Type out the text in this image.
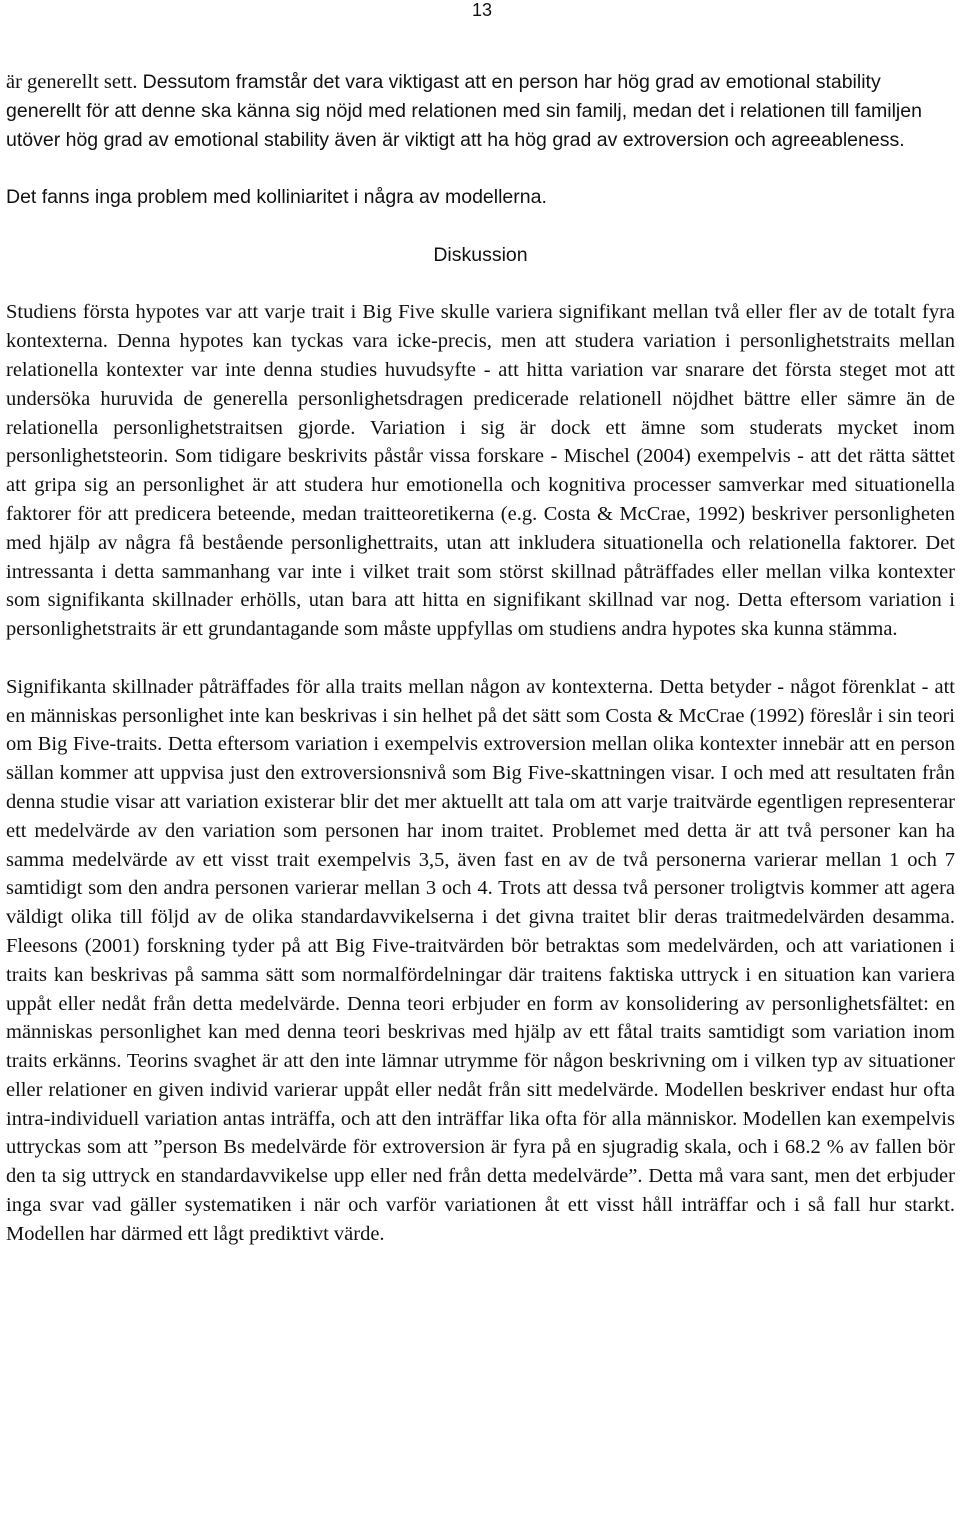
13

är generellt sett. Dessutom framstår det vara viktigast att en person har hög grad av emotional stability generellt för att denne ska känna sig nöjd med relationen med sin familj, medan det i relationen till familjen utöver hög grad av emotional stability även är viktigt att ha hög grad av extroversion och agreeableness.

Det fanns inga problem med kolliniaritet i några av modellerna.

Diskussion

Studiens första hypotes var att varje trait i Big Five skulle variera signifikant mellan två eller fler av de totalt fyra kontexterna. Denna hypotes kan tyckas vara icke-precis, men att studera variation i personlighetstraits mellan relationella kontexter var inte denna studies huvudsyfte - att hitta variation var snarare det första steget mot att undersöka huruvida de generella personlighetsdragen predicerade relationell nöjdhet bättre eller sämre än de relationella personlighetstraitsen gjorde. Variation i sig är dock ett ämne som studerats mycket inom personlighetsteorin. Som tidigare beskrivits påstår vissa forskare - Mischel (2004) exempelvis - att det rätta sättet att gripa sig an personlighet är att studera hur emotionella och kognitiva processer samverkar med situationella faktorer för att predicera beteende, medan traitteoretikerna (e.g. Costa & McCrae, 1992) beskriver personligheten med hjälp av några få bestående personlighettraits, utan att inkludera situationella och relationella faktorer. Det intressanta i detta sammanhang var inte i vilket trait som störst skillnad påträffades eller mellan vilka kontexter som signifikanta skillnader erhölls, utan bara att hitta en signifikant skillnad var nog. Detta eftersom variation i personlighetstraits är ett grundantagande som måste uppfyllas om studiens andra hypotes ska kunna stämma.

Signifikanta skillnader påträffades för alla traits mellan någon av kontexterna. Detta betyder - något förenklat - att en människas personlighet inte kan beskrivas i sin helhet på det sätt som Costa & McCrae (1992) föreslår i sin teori om Big Five-traits. Detta eftersom variation i exempelvis extroversion mellan olika kontexter innebär att en person sällan kommer att uppvisa just den extroversionsnivå som Big Five-skattningen visar. I och med att resultaten från denna studie visar att variation existerar blir det mer aktuellt att tala om att varje traitvärde egentligen representerar ett medelvärde av den variation som personen har inom traitet. Problemet med detta är att två personer kan ha samma medelvärde av ett visst trait exempelvis 3,5, även fast en av de två personerna varierar mellan 1 och 7 samtidigt som den andra personen varierar mellan 3 och 4. Trots att dessa två personer troligtvis kommer att agera väldigt olika till följd av de olika standardavvikelserna i det givna traitet blir deras traitmedelvärden desamma. Fleesons (2001) forskning tyder på att Big Five-traitvärden bör betraktas som medelvärden, och att variationen i traits kan beskrivas på samma sätt som normalfördelningar där traitens faktiska uttryck i en situation kan variera uppåt eller nedåt från detta medelvärde. Denna teori erbjuder en form av konsolidering av personlighetsfältet: en människas personlighet kan med denna teori beskrivas med hjälp av ett fåtal traits samtidigt som variation inom traits erkänns. Teorins svaghet är att den inte lämnar utrymme för någon beskrivning om i vilken typ av situationer eller relationer en given individ varierar uppåt eller nedåt från sitt medelvärde. Modellen beskriver endast hur ofta intra-individuell variation antas inträffa, och att den inträffar lika ofta för alla människor. Modellen kan exempelvis uttryckas som att ”person Bs medelvärde för extroversion är fyra på en sjugradig skala, och i 68.2 % av fallen bör den ta sig uttryck en standardavvikelse upp eller ned från detta medelvärde”. Detta må vara sant, men det erbjuder inga svar vad gäller systematiken i när och varför variationen åt ett visst håll inträffar och i så fall hur starkt. Modellen har därmed ett lågt prediktivt värde.
